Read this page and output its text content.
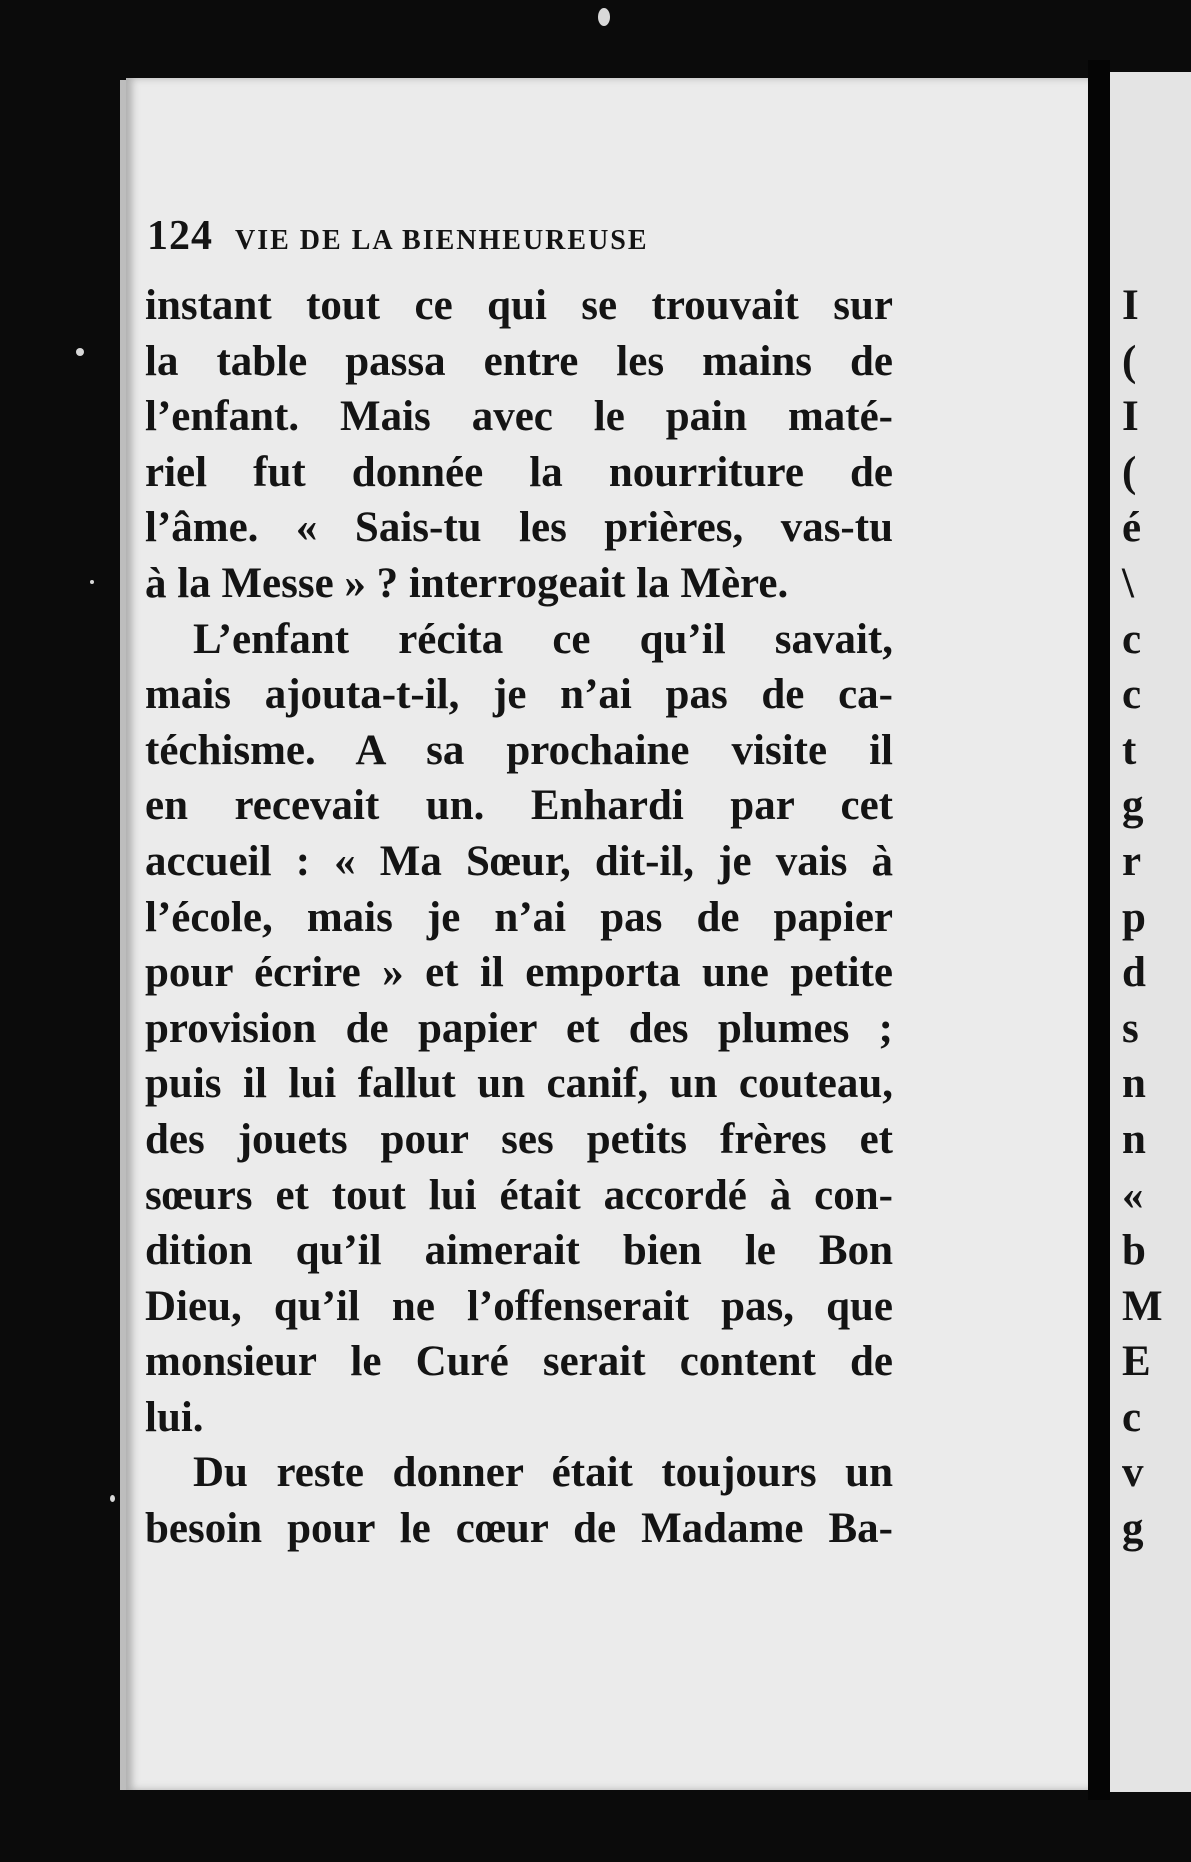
124 VIE DE LA BIENHEUREUSE
instant tout ce qui se trouvait sur
la table passa entre les mains de
l’enfant. Mais avec le pain maté-
riel fut donnée la nourriture de
l’âme. « Sais-tu les prières, vas-tu
à la Messe » ? interrogeait la Mère.
L’enfant récita ce qu’il savait,
mais ajouta-t-il, je n’ai pas de ca-
téchisme. A sa prochaine visite il
en recevait un. Enhardi par cet
accueil : « Ma Sœur, dit-il, je vais à
l’école, mais je n’ai pas de papier
pour écrire » et il emporta une petite
provision de papier et des plumes ;
puis il lui fallut un canif, un couteau,
des jouets pour ses petits frères et
sœurs et tout lui était accordé à con-
dition qu’il aimerait bien le Bon
Dieu, qu’il ne l’offenserait pas, que
monsieur le Curé serait content de
lui.
Du reste donner était toujours un
besoin pour le cœur de Madame Ba-
I
(
I
(
é
\
c
c
t
g
r
p
d
s
n
n
«
b
M
E
c
v
g
